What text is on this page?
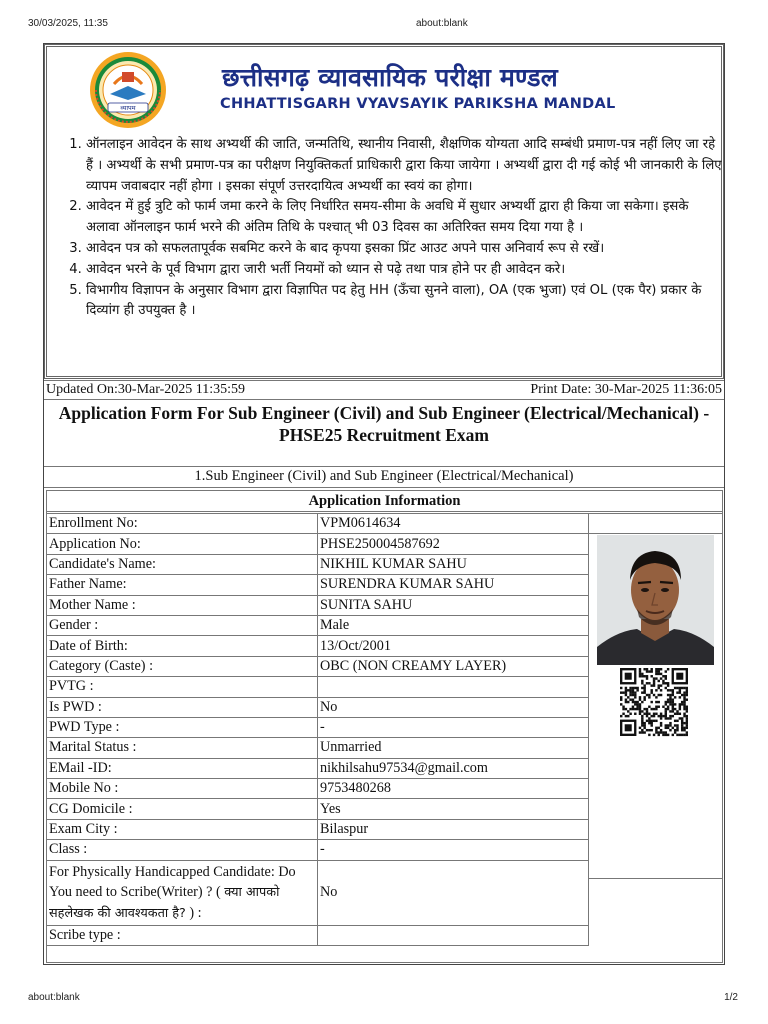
30/03/2025, 11:35	about:blank
व्यापम
छत्तीसगढ़ व्यावसायिक परीक्षा मण्डल
CHHATTISGARH VYAVSAYIK PARIKSHA MANDAL
1. ऑनलाइन आवेदन के साथ अभ्यर्थी की जाति, जन्मतिथि, स्थानीय निवासी, शैक्षणिक योग्यता आदि सम्बंधी प्रमाण-पत्र नहीं लिए जा रहे हैं । अभ्यर्थी के सभी प्रमाण-पत्र का परीक्षण नियुक्तिकर्ता प्राधिकारी द्वारा किया जायेगा । अभ्यर्थी द्वारा दी गई कोई भी जानकारी के लिए व्यापम जवाबदार नहीं होगा । इसका संपूर्ण उत्तरदायित्व अभ्यर्थी का स्वयं का होगा।
2. आवेदन में हुई त्रुटि को फार्म जमा करने के लिए निर्धारित समय-सीमा के अवधि में सुधार अभ्यर्थी द्वारा ही किया जा सकेगा। इसके अलावा ऑनलाइन फार्म भरने की अंतिम तिथि के पश्चात् भी 03 दिवस का अतिरिक्त समय दिया गया है ।
3. आवेदन पत्र को सफलतापूर्वक सबमिट करने के बाद कृपया इसका प्रिंट आउट अपने पास अनिवार्य रूप से रखें।
4. आवेदन भरने के पूर्व विभाग द्वारा जारी भर्ती नियमों को ध्यान से पढ़े तथा पात्र होने पर ही आवेदन करे।
5. विभागीय विज्ञापन के अनुसार विभाग द्वारा विज्ञापित पद हेतु HH (ऊँचा सुनने वाला), OA (एक भुजा) एवं OL (एक पैर) प्रकार के दिव्यांग ही उपयुक्त है ।
Updated On:30-Mar-2025 11:35:59	Print Date: 30-Mar-2025 11:36:05
Application Form For Sub Engineer (Civil) and Sub Engineer (Electrical/Mechanical) - PHSE25 Recruitment Exam
1.Sub Engineer (Civil) and Sub Engineer (Electrical/Mechanical)
Application Information
Enrollment No:	VPM0614634
Application No:	PHSE250004587692
Candidate's Name:	NIKHIL KUMAR SAHU
Father Name:	SURENDRA KUMAR SAHU
Mother Name :	SUNITA SAHU
Gender :	Male
Date of Birth:	13/Oct/2001
Category (Caste) :	OBC (NON CREAMY LAYER)
PVTG :	
Is PWD :	No
PWD Type :	-
Marital Status :	Unmarried
EMail -ID:	nikhilsahu97534@gmail.com
Mobile No :	9753480268
CG Domicile :	Yes
Exam City :	Bilaspur
Class :	-
For Physically Handicapped Candidate: Do You need to Scribe(Writer) ? ( क्या आपको सहलेखक की आवश्यकता है? ) :	No
Scribe type :	
about:blank	1/2
